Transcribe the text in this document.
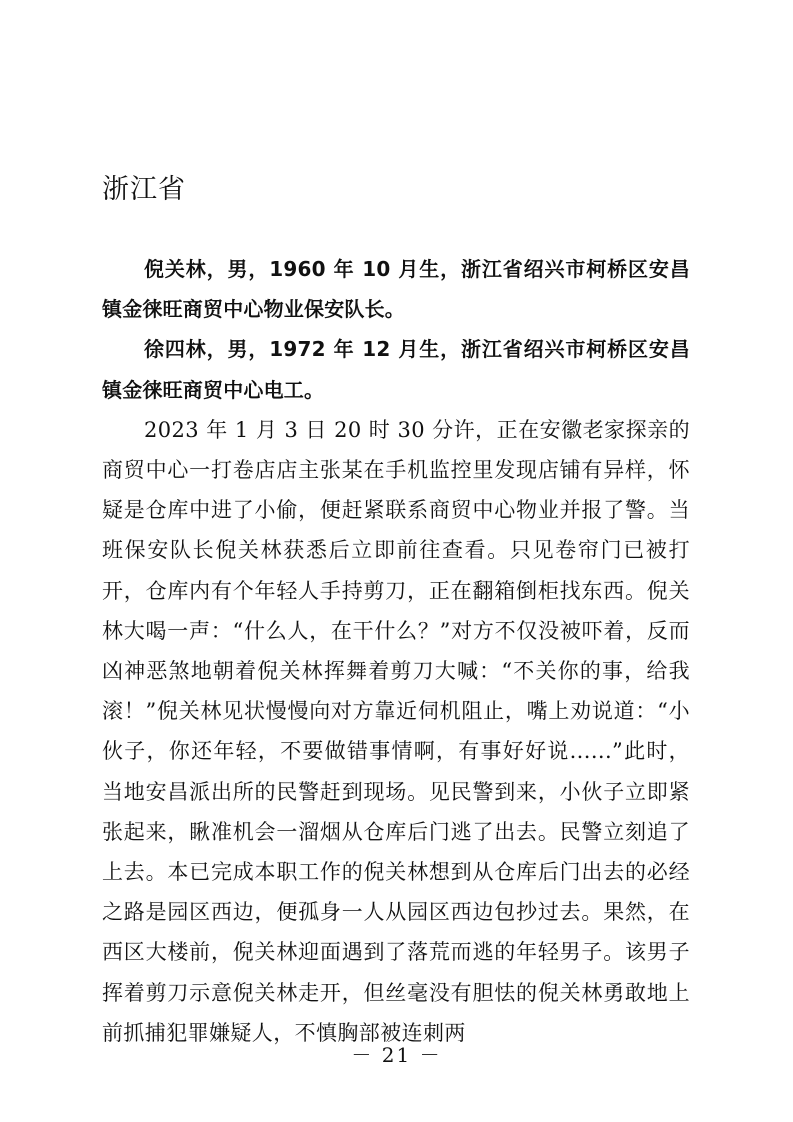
浙江省

倪关林，男，1960 年 10 月生，浙江省绍兴市柯桥区安昌镇金徕旺商贸中心物业保安队长。

徐四林，男，1972 年 12 月生，浙江省绍兴市柯桥区安昌镇金徕旺商贸中心电工。

2023 年 1 月 3 日 20 时 30 分许，正在安徽老家探亲的商贸中心一打卷店店主张某在手机监控里发现店铺有异样，怀疑是仓库中进了小偷，便赶紧联系商贸中心物业并报了警。当班保安队长倪关林获悉后立即前往查看。只见卷帘门已被打开，仓库内有个年轻人手持剪刀，正在翻箱倒柜找东西。倪关林大喝一声：“什么人，在干什么？”对方不仅没被吓着，反而凶神恶煞地朝着倪关林挥舞着剪刀大喊：“不关你的事，给我滚！”倪关林见状慢慢向对方靠近伺机阻止，嘴上劝说道：“小伙子，你还年轻，不要做错事情啊，有事好好说......”此时，当地安昌派出所的民警赶到现场。见民警到来，小伙子立即紧张起来，瞅准机会一溜烟从仓库后门逃了出去。民警立刻追了上去。本已完成本职工作的倪关林想到从仓库后门出去的必经之路是园区西边，便孤身一人从园区西边包抄过去。果然，在西区大楼前，倪关林迎面遇到了落荒而逃的年轻男子。该男子挥着剪刀示意倪关林走开，但丝毫没有胆怯的倪关林勇敢地上前抓捕犯罪嫌疑人，不慎胸部被连刺两

－ 21 －
